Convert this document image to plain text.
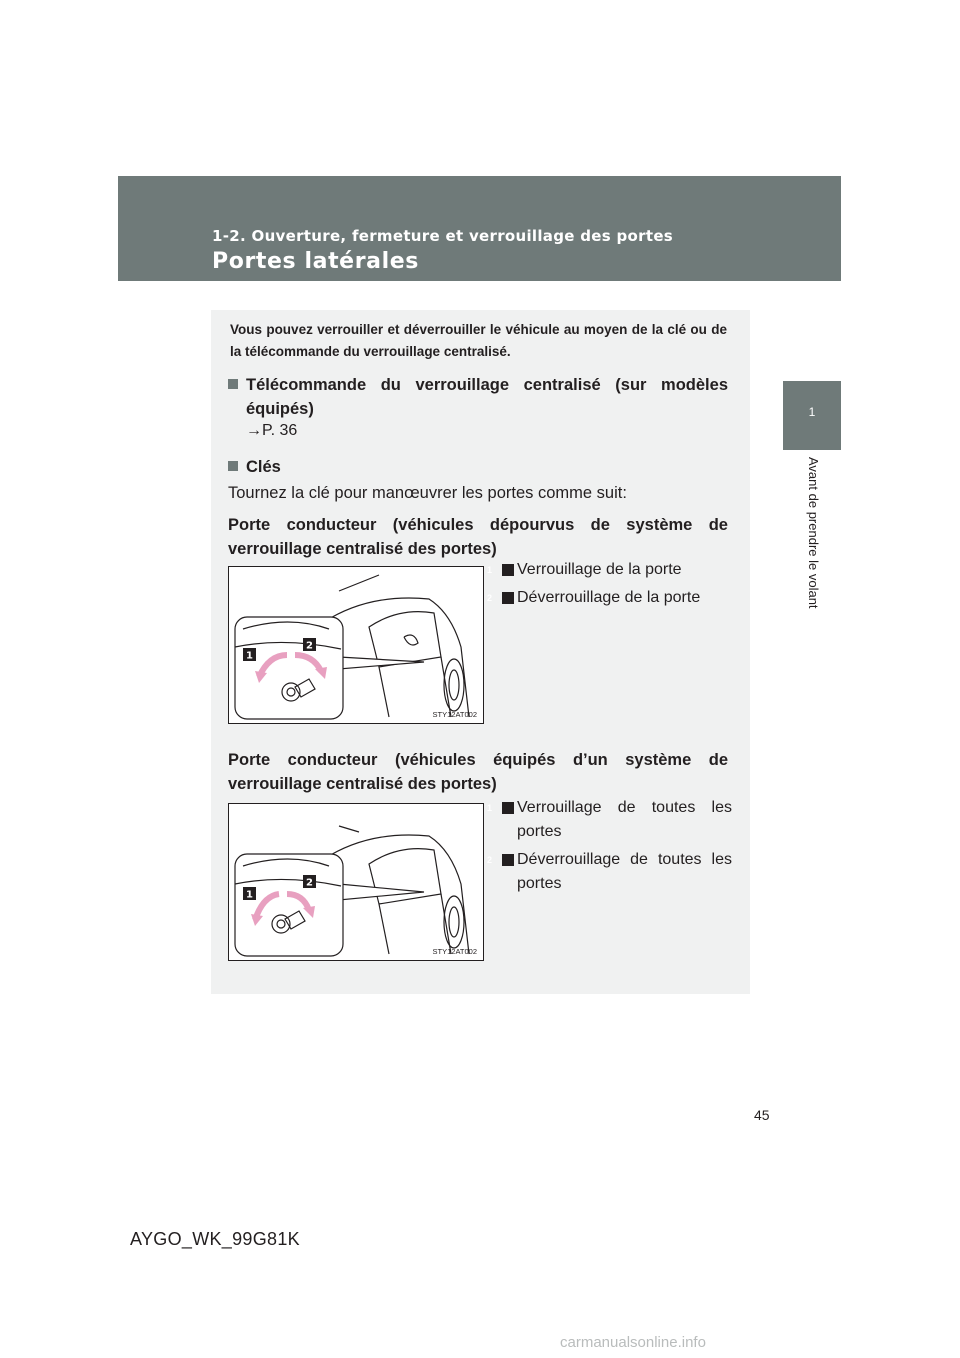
1-2. Ouverture, fermeture et verrouillage des portes
Portes latérales
1
Avant de prendre le volant
Vous pouvez verrouiller et déverrouiller le véhicule au moyen de la clé ou de la télécommande du verrouillage centralisé.
Télécommande du verrouillage centralisé (sur modèles équipés)
→P. 36
Clés
Tournez la clé pour manœuvrer les portes comme suit:
Porte conducteur (véhicules dépourvus de système de verrouillage centralisé des portes)
1
2
STY12AT002
1 Verrouillage de la porte
2 Déverrouillage de la porte
Porte conducteur (véhicules équipés d’un système de verrouillage centralisé des portes)
1
2
STY12AT002
1 Verrouillage de toutes les portes
2 Déverrouillage de toutes les portes
45
AYGO_WK_99G81K
carmanualsonline.info
